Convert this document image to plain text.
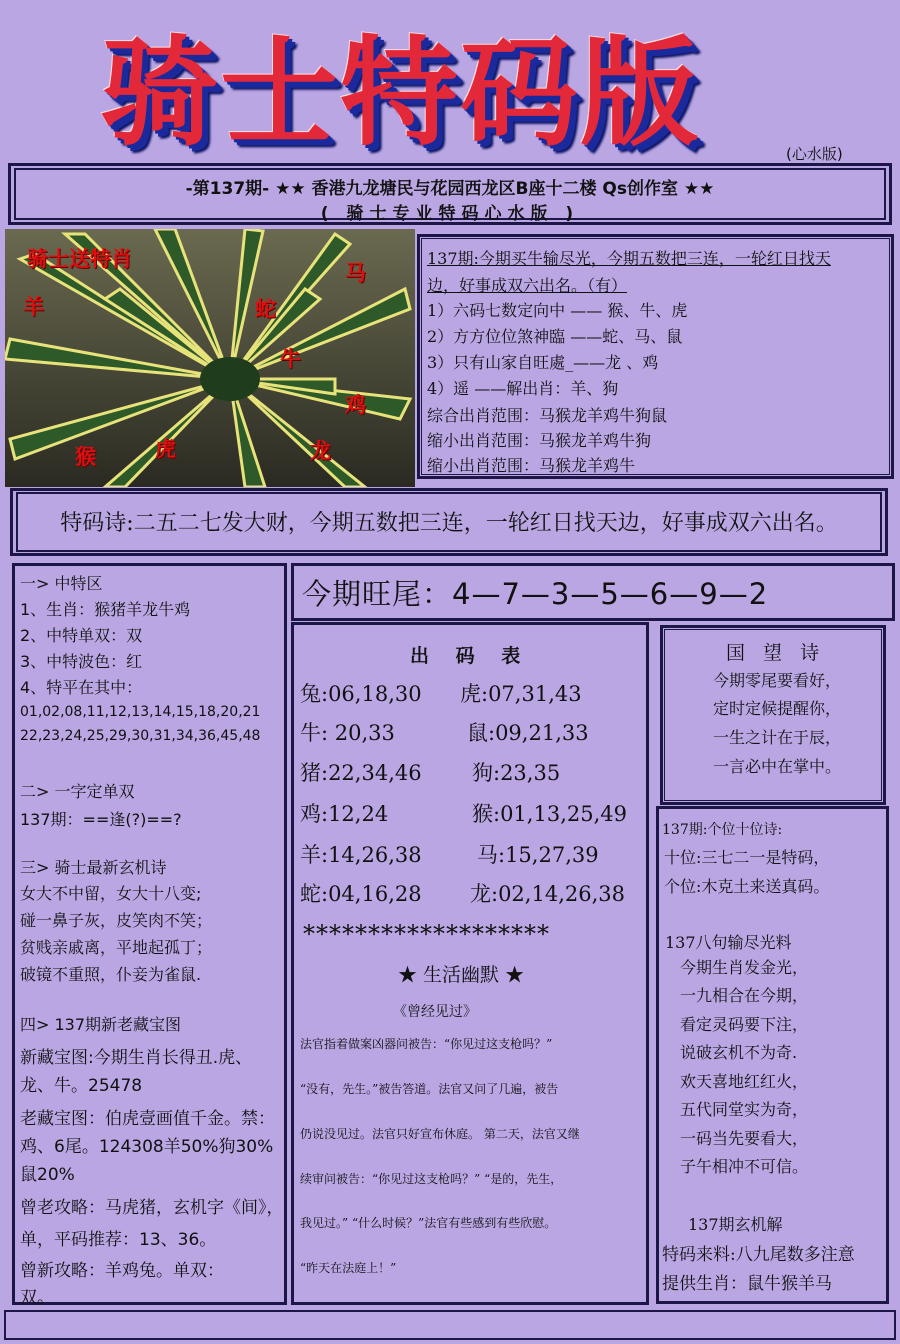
骑士特码版	(心水版)
-第137期- ★★ 香港九龙塘民与花园西龙区B座十二楼 Qs创作室 ★★
( 骑士专业特码心水版 )
骑士送特肖
马
羊	蛇
牛
鸡
虎
猴	龙
137期:今期买牛输尽光，今期五数把三连，一轮红日找天
边，好事成双六出名。（有）
1）六码七数定向中 —— 猴、牛、虎
2）方方位位煞神臨 ——蛇、马、鼠
3）只有山家自旺處_——龙 、鸡
4）遥 ——解出肖：羊、狗
综合出肖范围：马猴龙羊鸡牛狗鼠
缩小出肖范围：马猴龙羊鸡牛狗
缩小出肖范围：马猴龙羊鸡牛
特码诗:二五二七发大财，今期五数把三连，一轮红日找天边，好事成双六出名。
一> 中特区
1、生肖：猴猪羊龙牛鸡
2、中特单双：双
3、中特波色：红
4、特平在其中：
01,02,08,11,12,13,14,15,18,20,21
22,23,24,25,29,30,31,34,36,45,48
二> 一字定单双
137期：==逢(?)==?
三> 骑士最新玄机诗
女大不中留，女大十八变;
碰一鼻子灰，皮笑肉不笑；
贫贱亲戚离，平地起孤丁；
破镜不重照，仆妾为雀鼠.
四> 137期新老藏宝图
新藏宝图:今期生肖长得丑.虎、
龙、牛。25478
老藏宝图：伯虎壹画值千金。禁：
鸡、6尾。124308羊50%狗30%
鼠20%
曾老攻略：马虎猪，玄机字《间》，
单，平码推荐：13、36。
曾新攻略：羊鸡兔。单双：
双。
今期旺尾：4—7—3—5—6—9—2
出 码 表
兔:06,18,30 虎:07,31,43
牛: 20,33	鼠:09,21,33
猪:22,34,46 狗:23,35
鸡:12,24	猴:01,13,25,49
羊:14,26,38	马:15,27,39
蛇:04,16,28 龙:02,14,26,38
*******************
★ 生活幽默 ★
《曾经见过》
法官指着做案凶器问被告：“你见过这支枪吗？”
“没有，先生。”被告答道。法官又问了几遍，被告
仍说没见过。法官只好宣布休庭。 第二天，法官又继
续审问被告：“你见过这支枪吗？” “是的，先生，
我见过。” “什么时候？”法官有些感到有些欣慰。
“昨天在法庭上！”
国 望 诗
今期零尾要看好，
定时定候提醒你，
一生之计在于辰，
一言必中在掌中。
137期:个位十位诗:
十位:三七二一是特码，
个位:木克土来送真码。
137八句输尽光料
今期生肖发金光，
一九相合在今期，
看定灵码要下注，
说破玄机不为奇.
欢天喜地红红火，
五代同堂实为奇，
一码当先要看大，
子午相冲不可信。
137期玄机解
特码来料:八九尾数多注意
提供生肖：鼠牛猴羊马
